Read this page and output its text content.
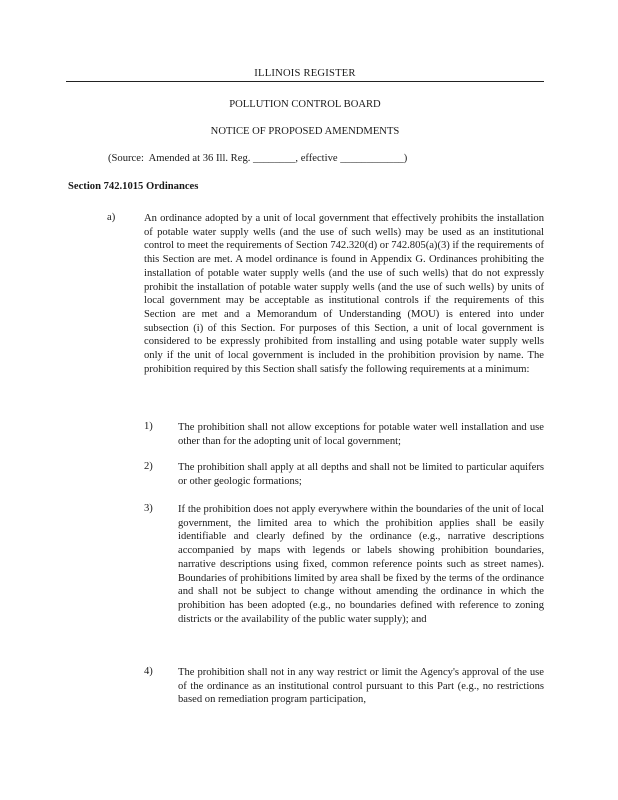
ILLINOIS REGISTER
POLLUTION CONTROL BOARD
NOTICE OF PROPOSED AMENDMENTS
(Source:  Amended at 36 Ill. Reg. ________, effective ____________)
Section 742.1015 Ordinances
a)	An ordinance adopted by a unit of local government that effectively prohibits the installation of potable water supply wells (and the use of such wells) may be used as an institutional control to meet the requirements of Section 742.320(d) or 742.805(a)(3) if the requirements of this Section are met. A model ordinance is found in Appendix G. Ordinances prohibiting the installation of potable water supply wells (and the use of such wells) that do not expressly prohibit the installation of potable water supply wells (and the use of such wells) by units of local government may be acceptable as institutional controls if the requirements of this Section are met and a Memorandum of Understanding (MOU) is entered into under subsection (i) of this Section. For purposes of this Section, a unit of local government is considered to be expressly prohibited from installing and using potable water supply wells only if the unit of local government is included in the prohibition provision by name. The prohibition required by this Section shall satisfy the following requirements at a minimum:
1) The prohibition shall not allow exceptions for potable water well installation and use other than for the adopting unit of local government;
2) The prohibition shall apply at all depths and shall not be limited to particular aquifers or other geologic formations;
3) If the prohibition does not apply everywhere within the boundaries of the unit of local government, the limited area to which the prohibition applies shall be easily identifiable and clearly defined by the ordinance (e.g., narrative descriptions accompanied by maps with legends or labels showing prohibition boundaries, narrative descriptions using fixed, common reference points such as street names). Boundaries of prohibitions limited by area shall be fixed by the terms of the ordinance and shall not be subject to change without amending the ordinance in which the prohibition has been adopted (e.g., no boundaries defined with reference to zoning districts or the availability of the public water supply); and
4) The prohibition shall not in any way restrict or limit the Agency's approval of the use of the ordinance as an institutional control pursuant to this Part (e.g., no restrictions based on remediation program participation,
